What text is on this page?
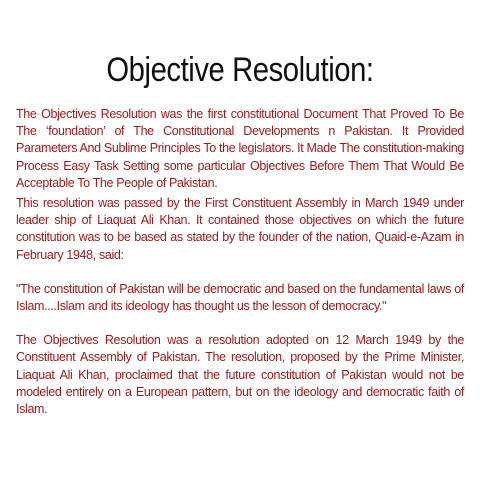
Objective Resolution:

The Objectives Resolution was the first constitutional Document That Proved To Be The ‘foundation’ of The Constitutional Developments n Pakistan. It Provided Parameters And Sublime Principles To the legislators. It Made The constitution-making Process Easy Task Setting some particular Objectives Before Them That Would Be Acceptable To The People of Pakistan.

This resolution was passed by the First Constituent Assembly in March 1949 under leader ship of Liaquat Ali Khan. It contained those objectives on which the future constitution was to be based as stated by the founder of the nation, Quaid-e-Azam in February 1948, said:

"The constitution of Pakistan will be democratic and based on the fundamental laws of Islam....Islam and its ideology has thought us the lesson of democracy."

The Objectives Resolution was a resolution adopted on 12 March 1949 by the Constituent Assembly of Pakistan. The resolution, proposed by the Prime Minister, Liaquat Ali Khan, proclaimed that the future constitution of Pakistan would not be modeled entirely on a European pattern, but on the ideology and democratic faith of Islam.
